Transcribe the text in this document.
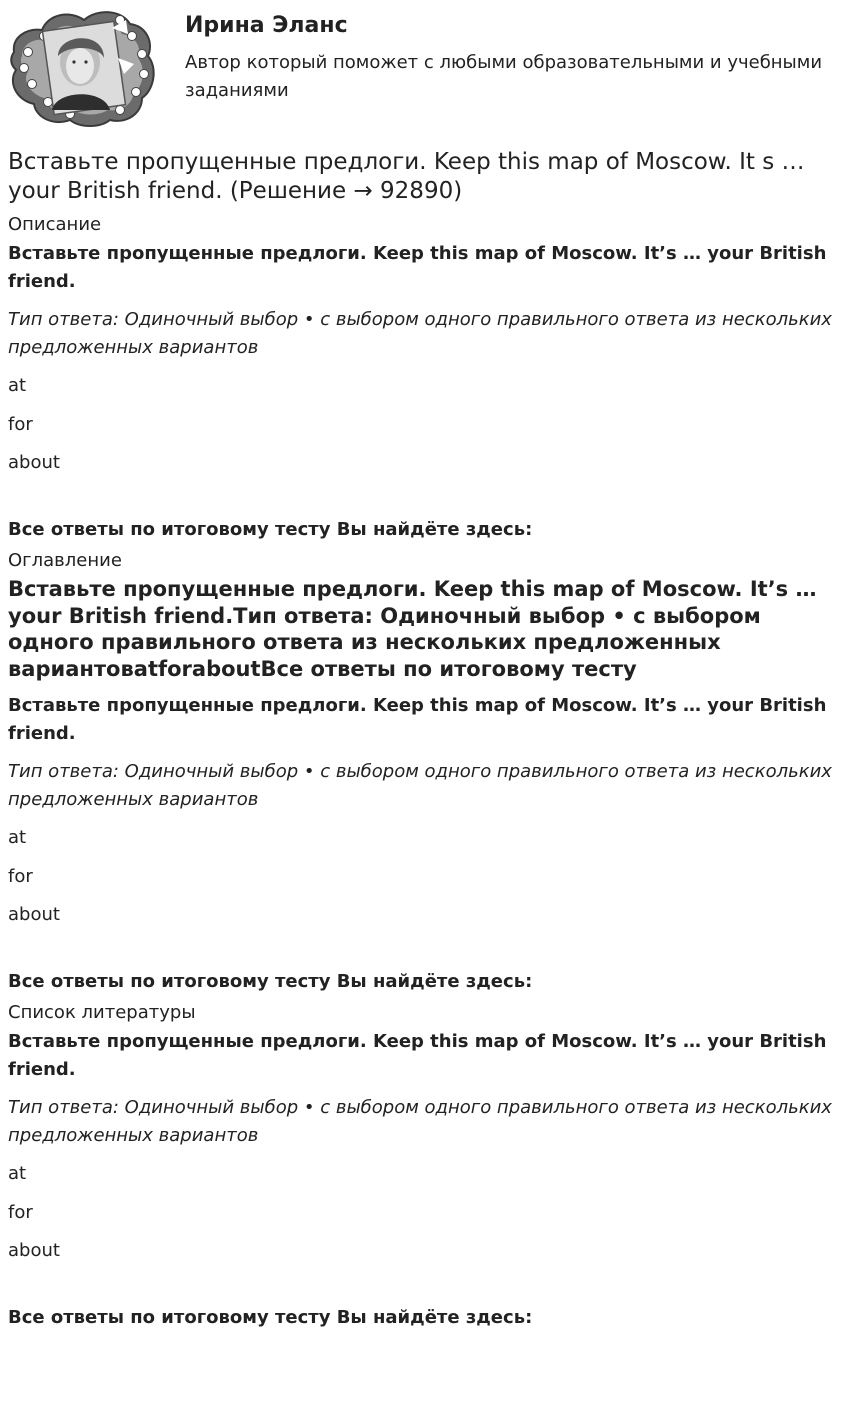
Ирина Эланс
Автор который поможет с любыми образовательными и учебными заданиями
Вставьте пропущенные предлоги. Keep this map of Moscow. It s …
your British friend. (Решение → 92890)
Описание
Вставьте пропущенные предлоги. Keep this map of Moscow. It’s … your British friend.
Тип ответа: Одиночный выбор • с выбором одного правильного ответа из нескольких предложенных вариантов
at
for
about
Все ответы по итоговому тесту Вы найдёте здесь:
Оглавление
Вставьте пропущенные предлоги. Keep this map of Moscow. It’s … your British friend.Тип ответа: Одиночный выбор • с выбором одного правильного ответа из нескольких предложенных вариантовatforaboutВсе ответы по итоговому тесту
Вставьте пропущенные предлоги. Keep this map of Moscow. It’s … your British friend.
Тип ответа: Одиночный выбор • с выбором одного правильного ответа из нескольких предложенных вариантов
at
for
about
Все ответы по итоговому тесту Вы найдёте здесь:
Список литературы
Вставьте пропущенные предлоги. Keep this map of Moscow. It’s … your British friend.
Тип ответа: Одиночный выбор • с выбором одного правильного ответа из нескольких предложенных вариантов
at
for
about
Все ответы по итоговому тесту Вы найдёте здесь:
